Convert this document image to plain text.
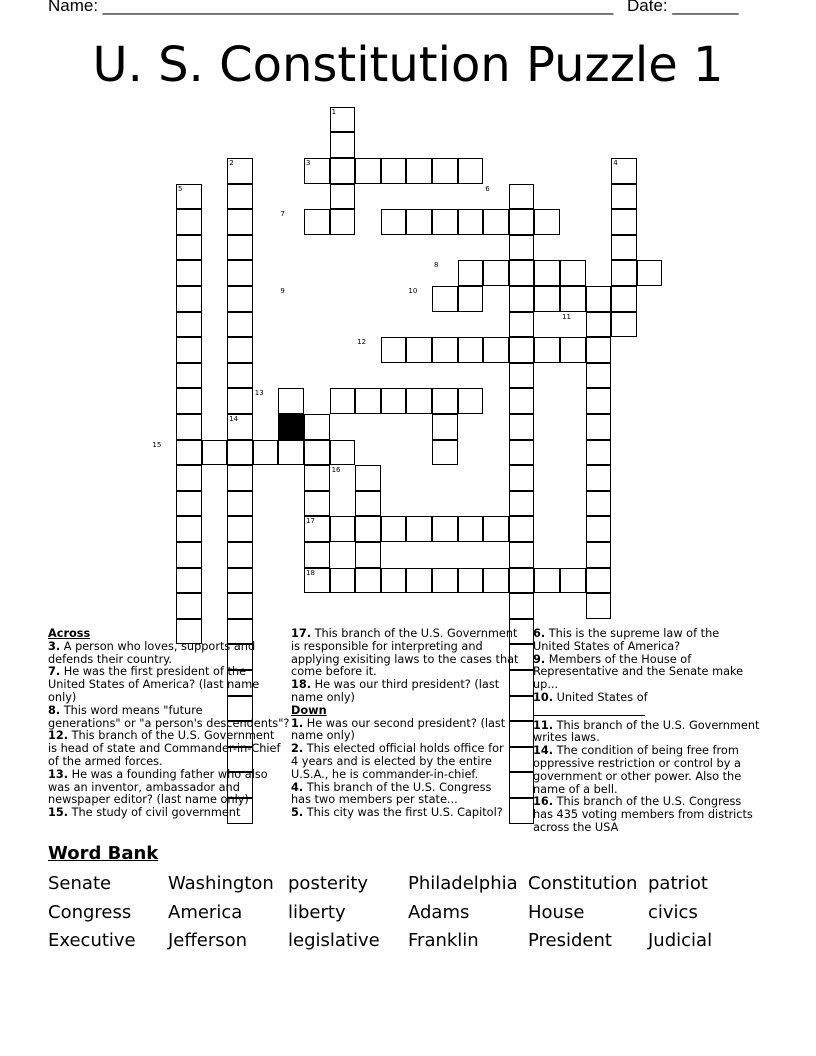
Name: ______________________________________________________ Date: _______
U. S. Constitution Puzzle 1
1
2	3	4
5	6
7
8
9	10
11
12
13
14
15
16
17
18
Across
3. A person who loves, supports and
defends their country.
7. He was the first president of the
United States of America? (last name
only)
8. This word means "future
generations" or "a person's descendents"?
12. This branch of the U.S. Government
is head of state and Commander-in-Chief
of the armed forces.
13. He was a founding father who also
was an inventor, ambassador and
newspaper editor? (last name only)
15. The study of civil government
17. This branch of the U.S. Government
is responsible for interpreting and
applying exisiting laws to the cases that
come before it.
18. He was our third president? (last
name only)
Down
1. He was our second president? (last
name only)
2. This elected official holds office for
4 years and is elected by the entire
U.S.A., he is commander-in-chief.
4. This branch of the U.S. Congress
has two members per state...
5. This city was the first U.S. Capitol?
6. This is the supreme law of the
United States of America?
9. Members of the House of
Representative and the Senate make
up...
10. United States of
11. This branch of the U.S. Government
writes laws.
14. The condition of being free from
oppressive restriction or control by a
government or other power. Also the
name of a bell.
16. This branch of the U.S. Congress
has 435 voting members from districts
across the USA
Word Bank
Senate	Washington posterity Philadelphia Constitution patriot
Congress America	liberty	Adams	House	civics
Executive Jefferson legislative Franklin	President Judicial
